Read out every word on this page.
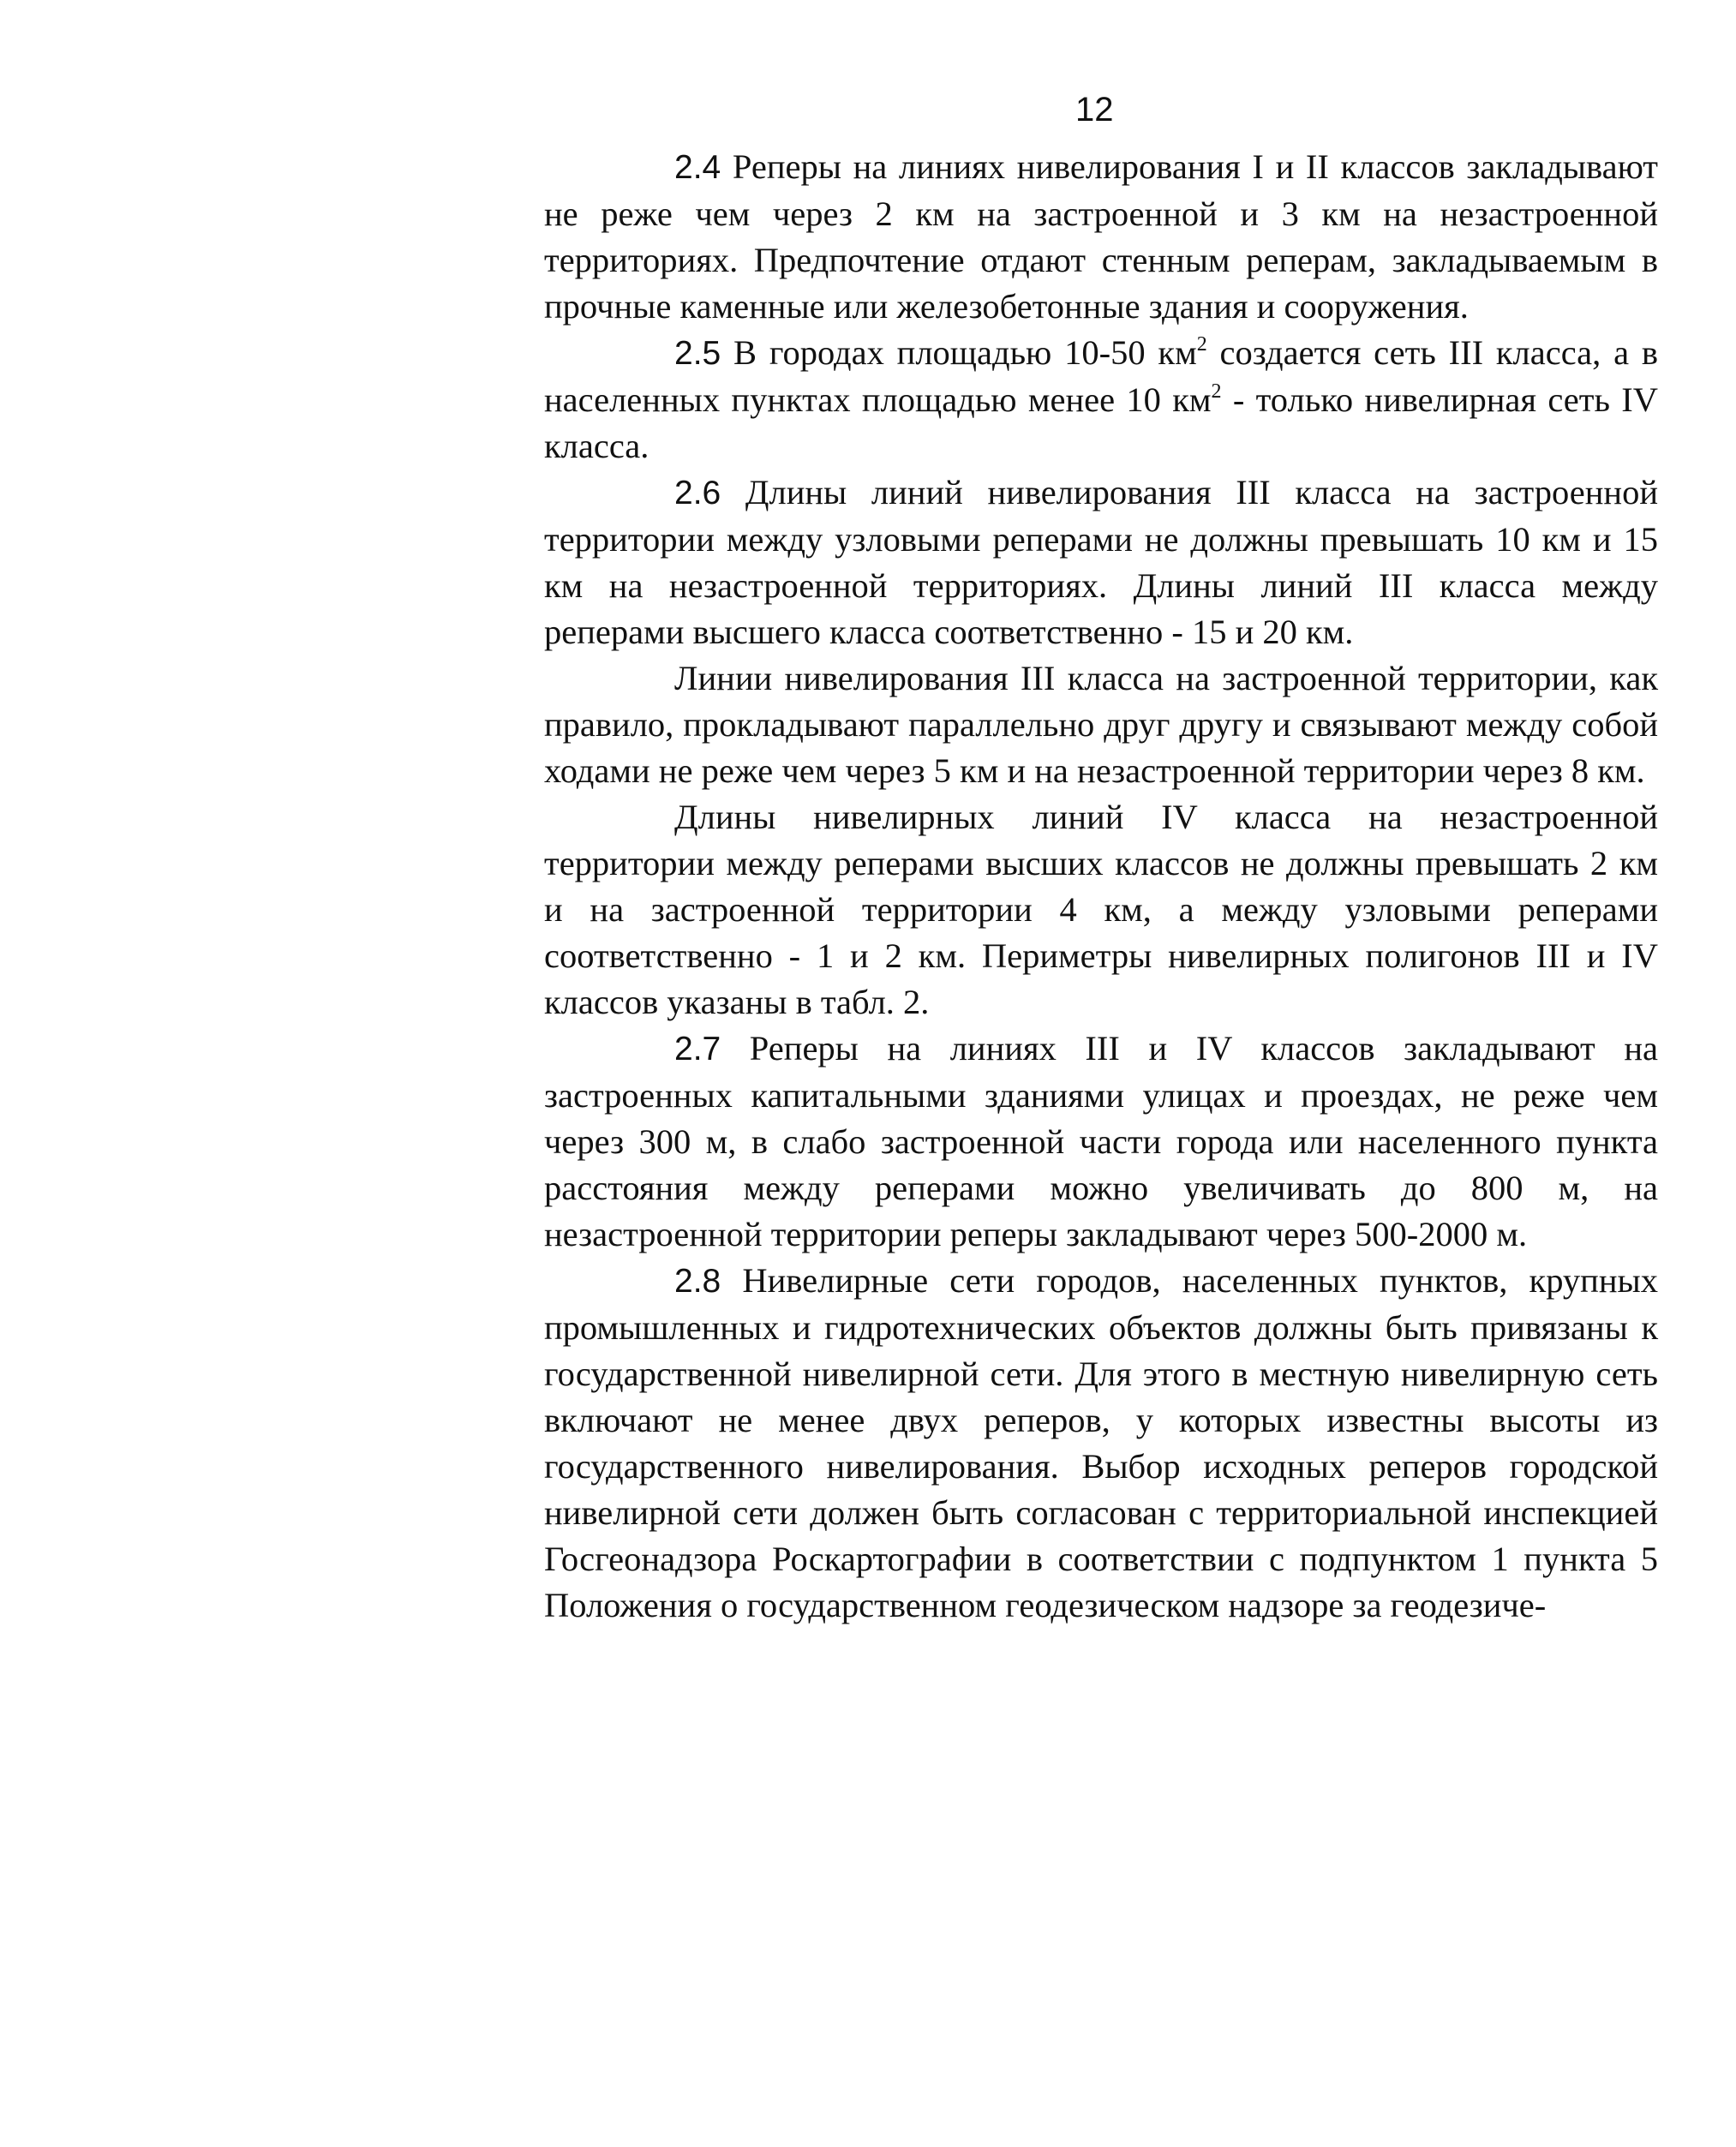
12

2.4 Реперы на линиях нивелирования I и II классов закладывают не реже чем через 2 км на застроенной и 3 км на незастроенной территориях. Предпочтение отдают стенным реперам, закладываемым в прочные каменные или железобетонные здания и сооружения.

2.5 В городах площадью 10-50 $км^2$ создается сеть III класса, а в населенных пунктах площадью менее 10 $км^2$ - только нивелирная сеть IV класса.

2.6 Длины линий нивелирования III класса на застроенной территории между узловыми реперами не должны превышать 10 км и 15 км на незастроенной территориях. Длины линий III класса между реперами высшего класса соответственно - 15 и 20 км.

Линии нивелирования III класса на застроенной территории, как правило, прокладывают параллельно друг другу и связывают между собой ходами не реже чем через 5 км и на незастроенной территории через 8 км.

Длины нивелирных линий IV класса на незастроенной территории между реперами высших классов не должны превышать 2 км и на застроенной территории 4 км, а между узловыми реперами соответственно - 1 и 2 км. Периметры нивелирных полигонов III и IV классов указаны в табл. 2.

2.7 Реперы на линиях III и IV классов закладывают на застроенных капитальными зданиями улицах и проездах, не реже чем через 300 м, в слабо застроенной части города или населенного пункта расстояния между реперами можно увеличивать до 800 м, на незастроенной территории реперы закладывают через 500-2000 м.

2.8 Нивелирные сети городов, населенных пунктов, крупных промышленных и гидротехнических объектов должны быть привязаны к государственной нивелирной сети. Для этого в местную нивелирную сеть включают не менее двух реперов, у которых известны высоты из государственного нивелирования. Выбор исходных реперов городской нивелирной сети должен быть согласован с территориальной инспекцией Госгеонадзора Роскартографии в соответствии с подпунктом 1 пункта 5 Положения о государственном геодезическом надзоре за геодезиче-
